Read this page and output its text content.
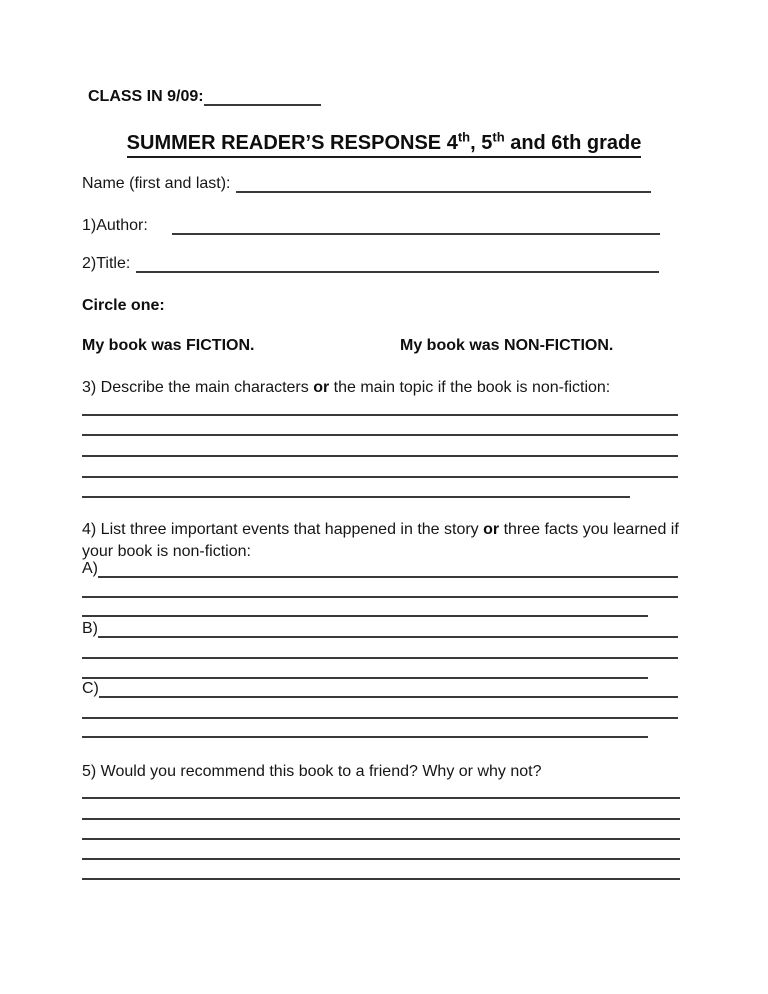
CLASS IN 9/09:
SUMMER READER’S RESPONSE 4th, 5th and 6th grade
Name (first and last):
1)Author:
2)Title:
Circle one:
My book was FICTION.	My book was NON-FICTION.
3) Describe the main characters or the main topic if the book is non-fiction:
4) List three important events that happened in the story or three facts you learned if your book is non-fiction:
A)
B)
C)
5) Would you recommend this book to a friend? Why or why not?
